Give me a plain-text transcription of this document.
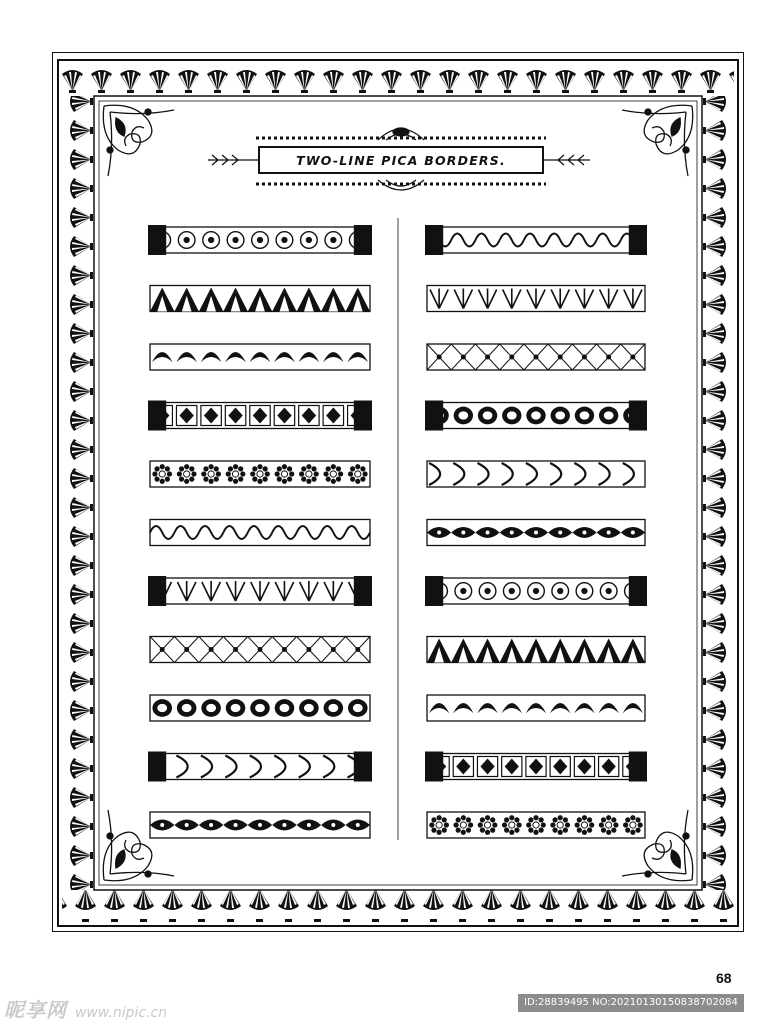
TWO-LINE PICA BORDERS.
68
昵享网 www.nipic.cn
ID:28839495 NO:20210130150838702084
